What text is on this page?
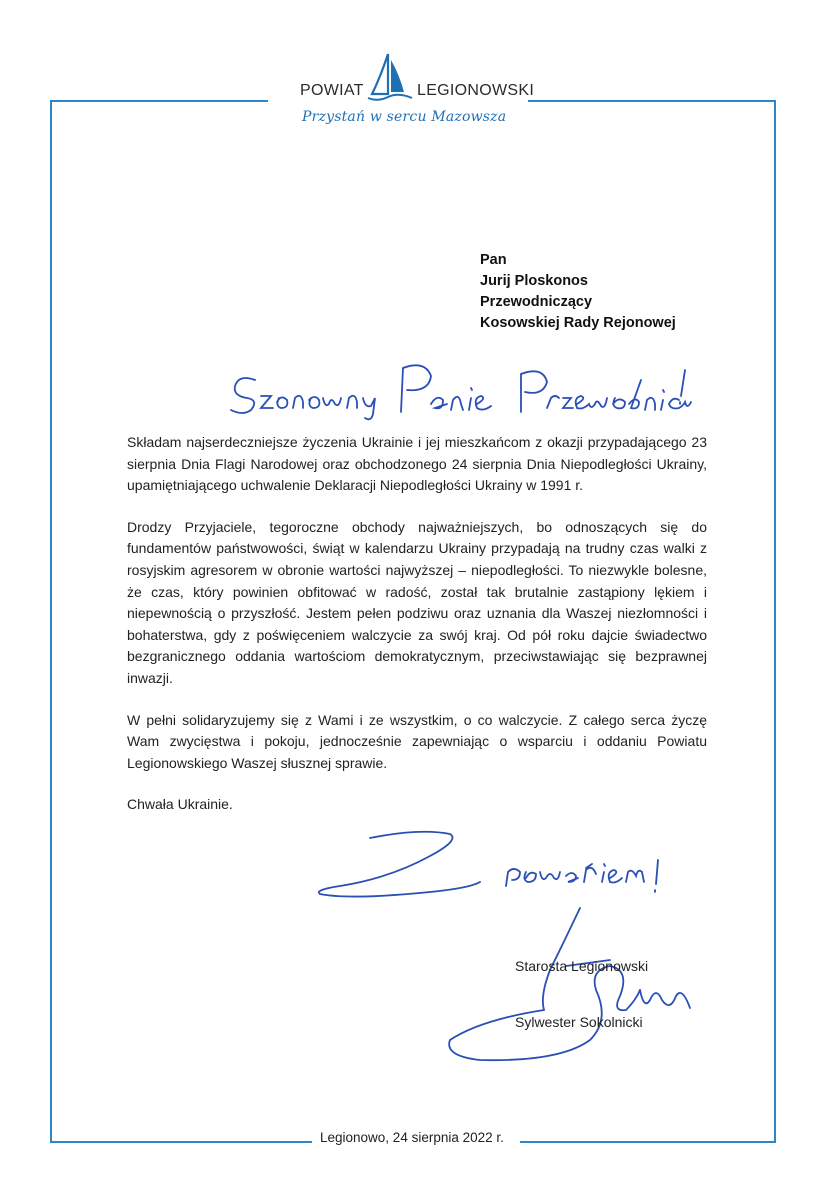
POWIAT	LEGIONOWSKI
Przystań w sercu Mazowsza
Pan
Jurij Ploskonos
Przewodniczący
Kosowskiej Rady Rejonowej
Szanowny Panie Przewodniczący!

Składam najserdeczniejsze życzenia Ukrainie i jej mieszkańcom z okazji przypadającego 23 sierpnia Dnia Flagi Narodowej oraz obchodzonego 24 sierpnia Dnia Niepodległości Ukrainy, upamiętniającego uchwalenie Deklaracji Niepodległości Ukrainy w 1991 r.

Drodzy Przyjaciele, tegoroczne obchody najważniejszych, bo odnoszących się do fundamentów państwowości, świąt w kalendarzu Ukrainy przypadają na trudny czas walki z rosyjskim agresorem w obronie wartości najwyższej – niepodległości. To niezwykle bolesne, że czas, który powinien obfitować w radość, został tak brutalnie zastąpiony lękiem i niepewnością o przyszłość. Jestem pełen podziwu oraz uznania dla Waszej niezłomności i bohaterstwa, gdy z poświęceniem walczycie za swój kraj. Od pół roku dajcie świadectwo bezgranicznego oddania wartościom demokratycznym, przeciwstawiając się bezprawnej inwazji.

W pełni solidaryzujemy się z Wami i ze wszystkim, o co walczycie. Z całego serca życzę Wam zwycięstwa i pokoju, jednocześnie zapewniając o wsparciu i oddaniu Powiatu Legionowskiego Waszej słusznej sprawie.

Chwała Ukrainie.

Z poważaniem!
Starosta Legionowski
Sylwester Sokolnicki
Legionowo, 24 sierpnia 2022 r.
